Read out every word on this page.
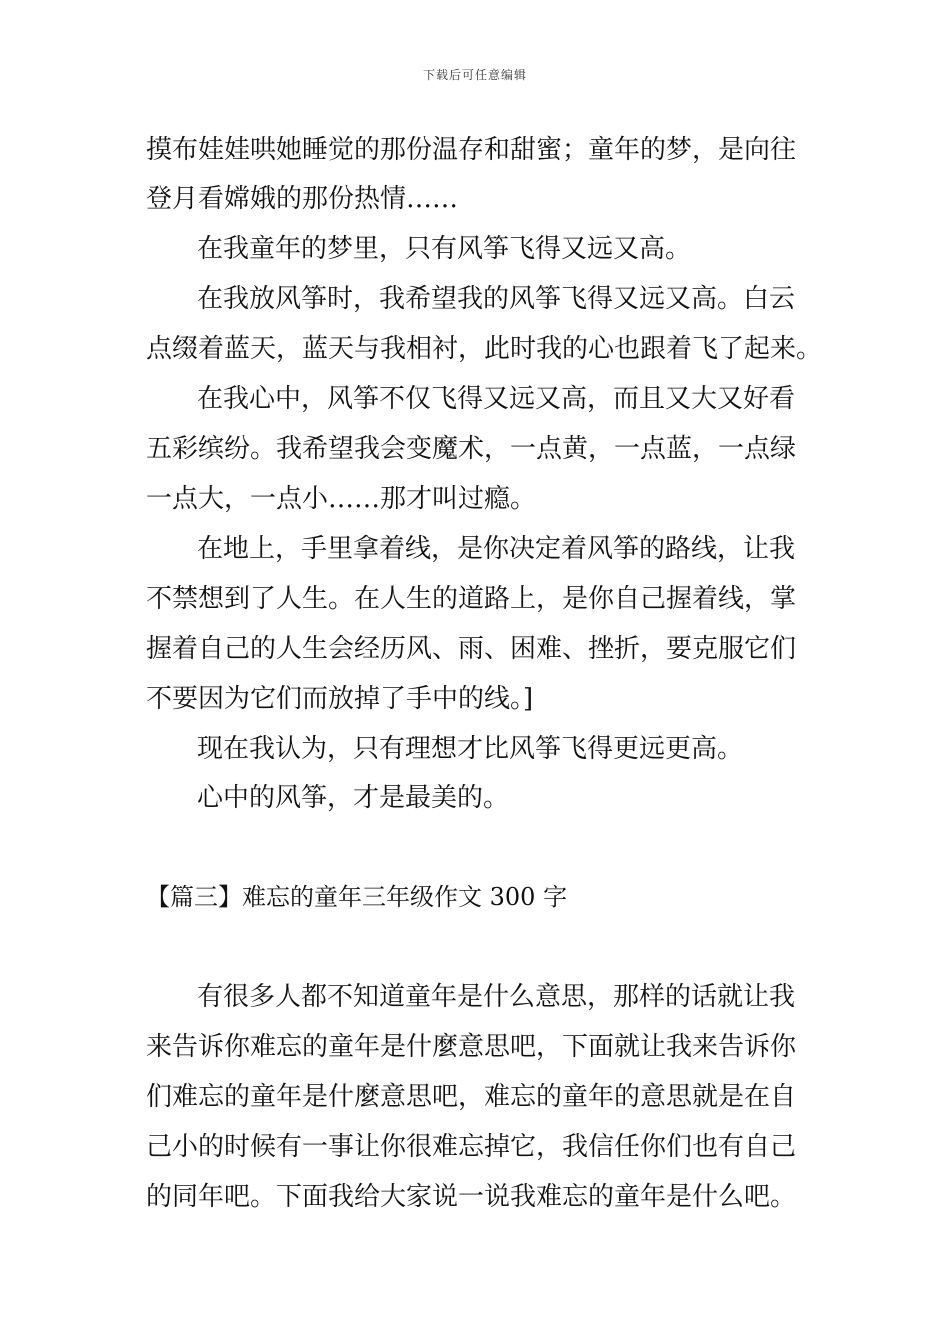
下载后可任意编辑
摸布娃娃哄她睡觉的那份温存和甜蜜；童年的梦，是向往
登月看嫦娥的那份热情……
在我童年的梦里，只有风筝飞得又远又高。
在我放风筝时，我希望我的风筝飞得又远又高。白云
点缀着蓝天，蓝天与我相衬，此时我的心也跟着飞了起来。
在我心中，风筝不仅飞得又远又高，而且又大又好看
五彩缤纷。我希望我会变魔术，一点黄，一点蓝，一点绿
一点大，一点小……那才叫过瘾。
在地上，手里拿着线，是你决定着风筝的路线，让我
不禁想到了人生。在人生的道路上，是你自己握着线，掌
握着自己的人生会经历风、雨、困难、挫折，要克服它们
不要因为它们而放掉了手中的线。]
现在我认为，只有理想才比风筝飞得更远更高。
心中的风筝，才是最美的。
【篇三】难忘的童年三年级作文 300 字
有很多人都不知道童年是什么意思，那样的话就让我
来告诉你难忘的童年是什麼意思吧，下面就让我来告诉你
们难忘的童年是什麼意思吧，难忘的童年的意思就是在自
己小的时候有一事让你很难忘掉它，我信任你们也有自己
的同年吧。下面我给大家说一说我难忘的童年是什么吧。
